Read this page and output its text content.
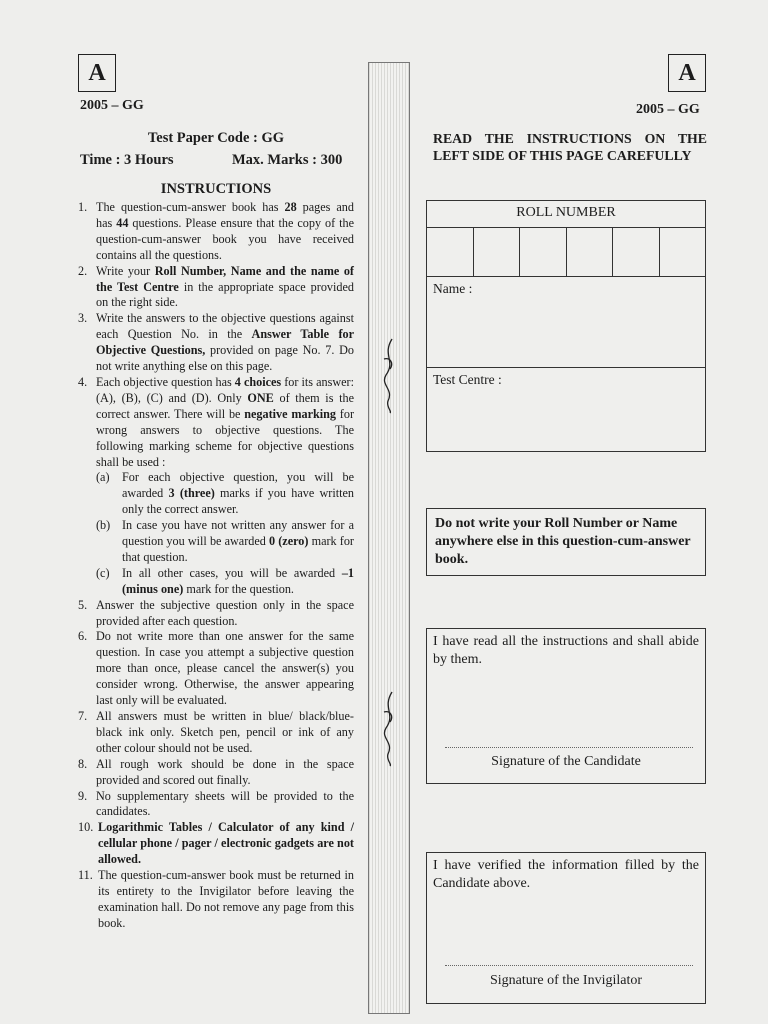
A
2005 – GG
Test Paper Code : GG
Time : 3 Hours	Max. Marks : 300
INSTRUCTIONS
1. The question-cum-answer book has 28 pages and has 44 questions. Please ensure that the copy of the question-cum-answer book you have received contains all the questions.
2. Write your Roll Number, Name and the name of the Test Centre in the appropriate space provided on the right side.
3. Write the answers to the objective questions against each Question No. in the Answer Table for Objective Questions, provided on page No. 7. Do not write anything else on this page.
4. Each objective question has 4 choices for its answer: (A), (B), (C) and (D). Only ONE of them is the correct answer. There will be negative marking for wrong answers to objective questions. The following marking scheme for objective questions shall be used :
(a) For each objective question, you will be awarded 3 (three) marks if you have written only the correct answer.
(b) In case you have not written any answer for a question you will be awarded 0 (zero) mark for that question.
(c) In all other cases, you will be awarded –1 (minus one) mark for the question.
5. Answer the subjective question only in the space provided after each question.
6. Do not write more than one answer for the same question. In case you attempt a subjective question more than once, please cancel the answer(s) you consider wrong. Otherwise, the answer appearing last only will be evaluated.
7. All answers must be written in blue/ black/blue-black ink only. Sketch pen, pencil or ink of any other colour should not be used.
8. All rough work should be done in the space provided and scored out finally.
9. No supplementary sheets will be provided to the candidates.
10. Logarithmic Tables / Calculator of any kind / cellular phone / pager / electronic gadgets are not allowed.
11. The question-cum-answer book must be returned in its entirety to the Invigilator before leaving the examination hall. Do not remove any page from this book.
A
2005 – GG
READ THE INSTRUCTIONS ON THE
LEFT SIDE OF THIS PAGE CAREFULLY
ROLL NUMBER
Name :
Test Centre :
Do not write your Roll Number or Name anywhere else in this question-cum-answer book.
I have read all the instructions and shall abide by them.
Signature of the Candidate
I have verified the information filled by the Candidate above.
Signature of the Invigilator
